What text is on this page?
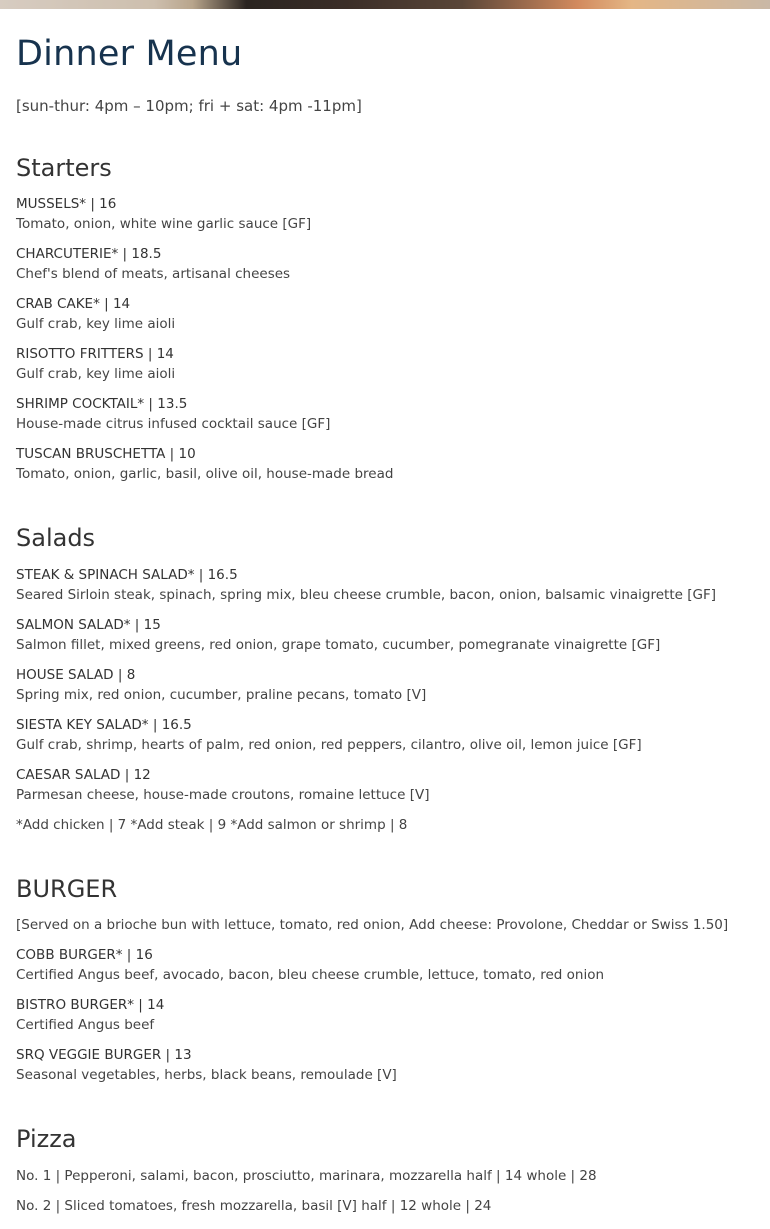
Dinner Menu
[sun-thur: 4pm – 10pm; fri + sat: 4pm -11pm]
Starters
MUSSELS* | 16
Tomato, onion, white wine garlic sauce [GF]
CHARCUTERIE* | 18.5
Chef's blend of meats, artisanal cheeses
CRAB CAKE* | 14
Gulf crab, key lime aioli
RISOTTO FRITTERS | 14
Gulf crab, key lime aioli
SHRIMP COCKTAIL* | 13.5
House-made citrus infused cocktail sauce [GF]
TUSCAN BRUSCHETTA | 10
Tomato, onion, garlic, basil, olive oil, house-made bread
Salads
STEAK & SPINACH SALAD* | 16.5
Seared Sirloin steak, spinach, spring mix, bleu cheese crumble, bacon, onion, balsamic vinaigrette [GF]
SALMON SALAD* | 15
Salmon fillet, mixed greens, red onion, grape tomato, cucumber, pomegranate vinaigrette [GF]
HOUSE SALAD | 8
Spring mix, red onion, cucumber, praline pecans, tomato [V]
SIESTA KEY SALAD* | 16.5
Gulf crab, shrimp, hearts of palm, red onion, red peppers, cilantro, olive oil, lemon juice [GF]
CAESAR SALAD | 12
Parmesan cheese, house-made croutons, romaine lettuce [V]
*Add chicken | 7 *Add steak | 9 *Add salmon or shrimp | 8
BURGER
[Served on a brioche bun with lettuce, tomato, red onion, Add cheese: Provolone, Cheddar or Swiss 1.50]
COBB BURGER* | 16
Certified Angus beef, avocado, bacon, bleu cheese crumble, lettuce, tomato, red onion
BISTRO BURGER* | 14
Certified Angus beef
SRQ VEGGIE BURGER | 13
Seasonal vegetables, herbs, black beans, remoulade [V]
Pizza
No. 1 | Pepperoni, salami, bacon, prosciutto, marinara, mozzarella half | 14 whole | 28
No. 2 | Sliced tomatoes, fresh mozzarella, basil [V] half | 12 whole | 24
